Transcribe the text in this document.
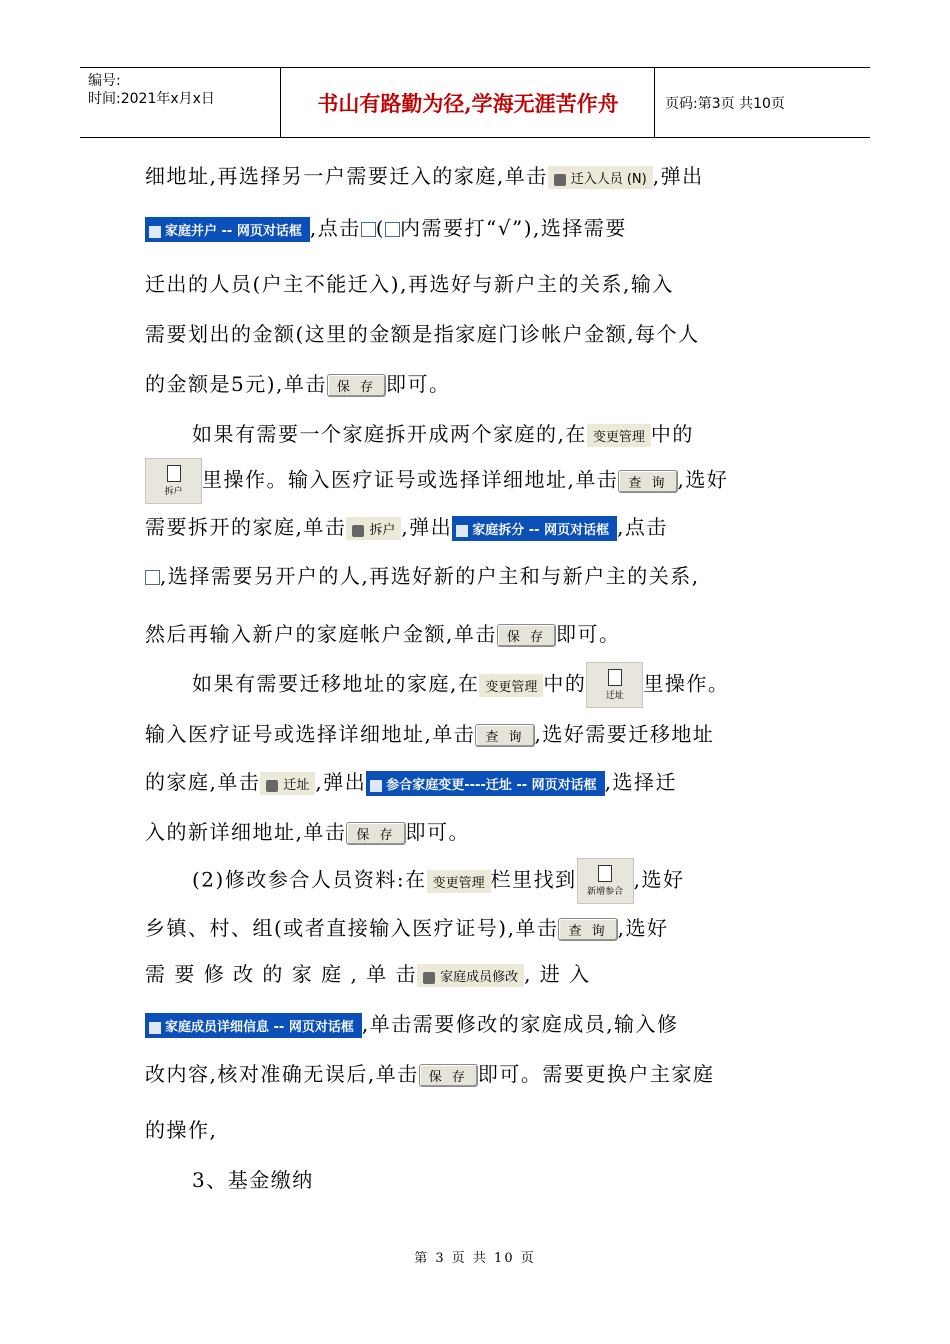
编号:
时间:2021年x月x日	书山有路勤为径,学海无涯苦作舟	页码:第3页 共10页
细地址,再选择另一户需要迁入的家庭,单击 迁入人员 (N) ,弹出
家庭并户 -- 网页对话框 ,点击 ( 内需要打“√”),选择需要
迁出的人员(户主不能迁入),再选好与新户主的关系,输入
需要划出的金额(这里的金额是指家庭门诊帐户金额,每个人
的金额是5元),单击 保 存 即可。
如果有需要一个家庭拆开成两个家庭的,在 变更管理 中的
拆户
里操作。输入医疗证号或选择详细地址,单击 查 询 ,选好
需要拆开的家庭,单击 拆户 ,弹出 家庭拆分 -- 网页对话框 ,点击
,选择需要另开户的人,再选好新的户主和与新户主的关系,
然后再输入新户的家庭帐户金额,单击 保 存 即可。
如果有需要迁移地址的家庭,在 变更管理 中的
迁址
里操作。
输入医疗证号或选择详细地址,单击 查 询 ,选好需要迁移地址
的家庭,单击 迁址 ,弹出 参合家庭变更----迁址 -- 网页对话框 ,选择迁
入的新详细地址,单击 保 存 即可。
(2)修改参合人员资料:在 变更管理 栏里找到
新增参合
,选好
乡镇、村、组(或者直接输入医疗证号),单击 查 询 ,选好
需 要 修 改 的 家 庭 , 单 击 家庭成员修改 , 进 入
家庭成员详细信息 -- 网页对话框 ,单击需要修改的家庭成员,输入修
改内容,核对准确无误后,单击 保 存 即可。需要更换户主家庭
的操作,
3、基金缴纳
第 3 页 共 10 页
